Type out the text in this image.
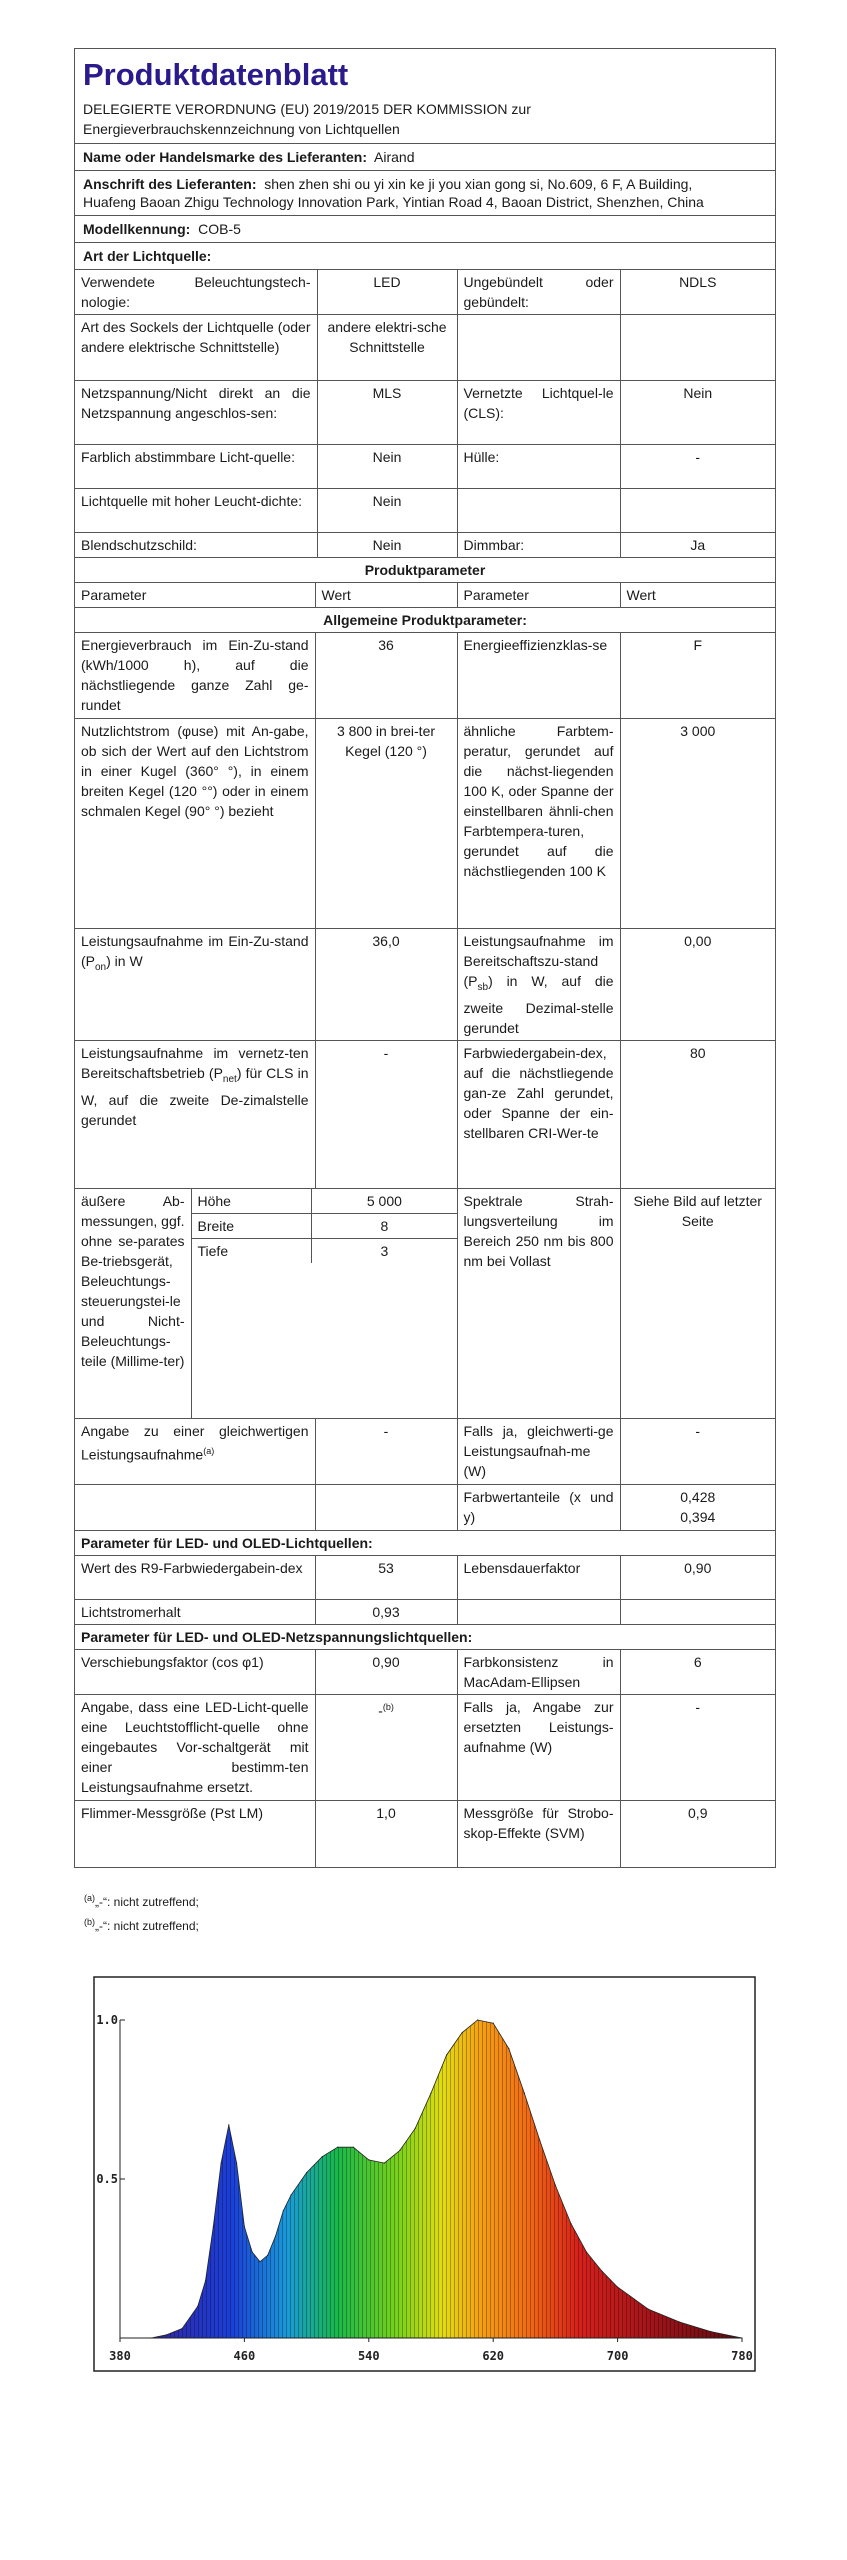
Produktdatenblatt
DELEGIERTE VERORDNUNG (EU) 2019/2015 DER KOMMISSION zur
Energieverbrauchskennzeichnung von Lichtquellen
Name oder Handelsmarke des Lieferanten: Airand
Anschrift des Lieferanten: shen zhen shi ou yi xin ke ji you xian gong si, No.609, 6 F, A Building,
Huafeng Baoan Zhigu Technology Innovation Park, Yintian Road 4, Baoan District, Shenzhen, China
Modellkennung: COB-5
Art der Lichtquelle:
Verwendete Beleuchtungstech-nologie:	LED	Ungebündelt oder gebündelt:	NDLS
Art des Sockels der Lichtquelle (oder andere elektrische Schnittstelle)	andere elektri-sche Schnittstelle		
Netzspannung/Nicht direkt an die Netzspannung angeschlos-sen:	MLS	Vernetzte Lichtquel-le (CLS):	Nein
Farblich abstimmbare Licht-quelle:	Nein	Hülle:	-
Lichtquelle mit hoher Leucht-dichte:	Nein		
Blendschutzschild:	Nein	Dimmbar:	Ja
Produktparameter
Parameter	Wert	Parameter	Wert
Allgemeine Produktparameter:
Energieverbrauch im Ein-Zu-stand (kWh/1000 h), auf die nächstliegende ganze Zahl ge-rundet	36	Energieeffizienzklas-se	F
Nutzlichtstrom (φuse) mit An-gabe, ob sich der Wert auf den Lichtstrom in einer Kugel (360° °), in einem breiten Kegel (120 °°) oder in einem schmalen Kegel (90° °) bezieht	3 800 in brei-ter Kegel (120 °)	ähnliche Farbtem-peratur, gerundet auf die nächst-liegenden 100 K, oder Spanne der einstellbaren ähnli-chen Farbtempera-turen, gerundet auf die nächstliegenden 100 K	3 000
Leistungsaufnahme im Ein-Zu-stand $(P_{on})$ in W	36,0	Leistungsaufnahme im Bereitschaftszu-stand $(P_{sb})$ in W, auf die zweite Dezimal-stelle gerundet	0,00
Leistungsaufnahme im vernetz-ten Bereitschaftsbetrieb $(P_{net})$ für CLS in W, auf die zweite De-zimalstelle gerundet	-	Farbwiedergabein-dex, auf die nächstliegende gan-ze Zahl gerundet, oder Spanne der ein-stellbaren CRI-Wer-te	80
äußere Ab-messungen, ggf. ohne se-parates Be-triebsgerät, Beleuchtungs-steuerungstei-le und Nicht-Beleuchtungs-teile (Millime-ter)	
Höhe	5 000
Breite	8
Tiefe	3
	Spektrale Strah-lungsverteilung im Bereich 250 nm bis 800 nm bei Vollast	Siehe Bild auf letzter Seite
Angabe zu einer gleichwertigen Leistungsaufnahme$^{(a)}$	-	Falls ja, gleichwerti-ge Leistungsaufnah-me (W)	-
		Farbwertanteile (x und y)	0,428
0,394
Parameter für LED- und OLED-Lichtquellen:			
Wert des R9-Farbwiedergabein-dex	53	Lebensdauerfaktor	0,90
Lichtstromerhalt	0,93		
Parameter für LED- und OLED-Netzspannungslichtquellen:			
Verschiebungsfaktor (cos φ1)	0,90	Farbkonsistenz in MacAdam-Ellipsen	6
Angabe, dass eine LED-Licht-quelle eine Leuchtstofflicht-quelle ohne eingebautes Vor-schaltgerät mit einer bestimm-ten Leistungsaufnahme ersetzt.	-$^{(b)}$	Falls ja, Angabe zur ersetzten Leistungs-aufnahme (W)	-
Flimmer-Messgröße (Pst LM)	1,0	Messgröße für Strobo-skop-Effekte (SVM)	0,9
$^{(a)}$„-“: nicht zutreffend;
$^{(b)}$„-“: nicht zutreffend;
380	460	540	620	700	780
0.5
1.0
